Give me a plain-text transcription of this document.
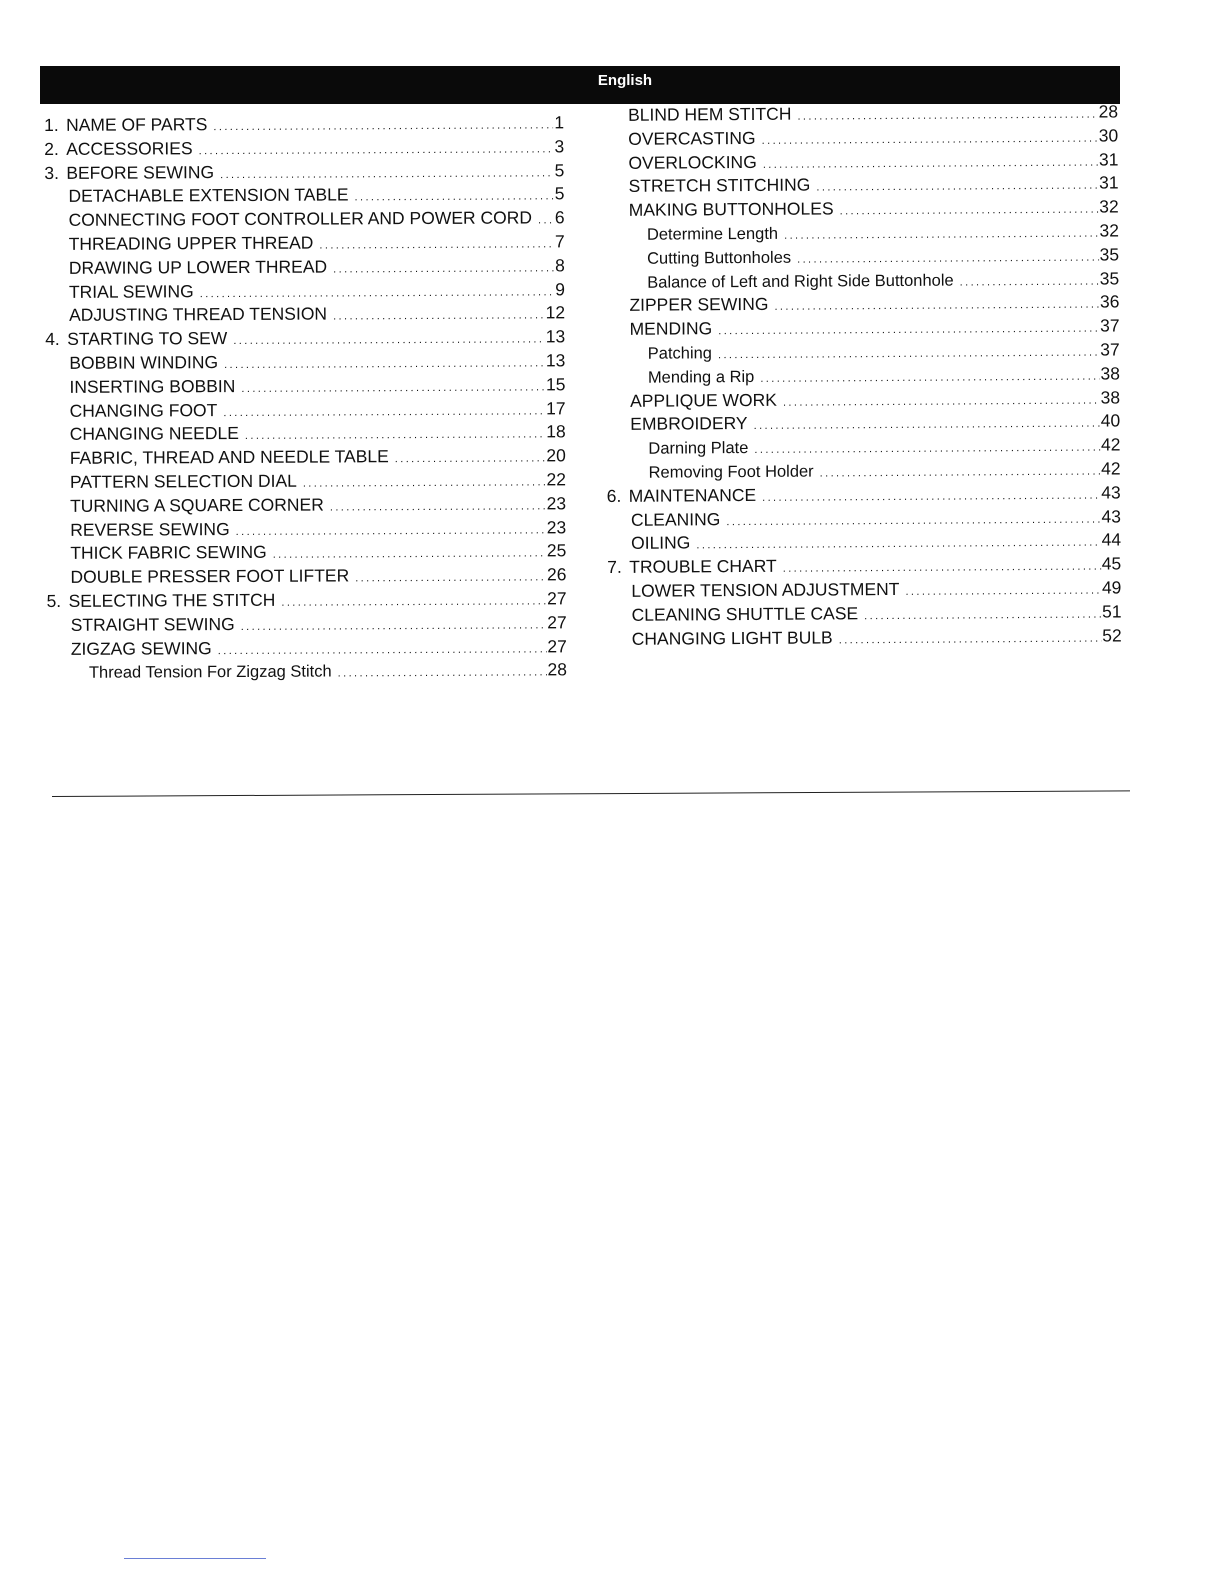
English
1. NAME OF PARTS .....	1
2. ACCESSORIES .....	3
3. BEFORE SEWING .....	5
DETACHABLE EXTENSION TABLE .....	5
CONNECTING FOOT CONTROLLER AND POWER CORD ..... 6
THREADING UPPER THREAD .....	7
DRAWING UP LOWER THREAD .....	8
TRIAL SEWING .....	9
ADJUSTING THREAD TENSION .....	12
4. STARTING TO SEW .....	13
BOBBIN WINDING .....	13
INSERTING BOBBIN .....	15
CHANGING FOOT .....	17
CHANGING NEEDLE .....	18
FABRIC, THREAD AND NEEDLE TABLE .....	20
PATTERN SELECTION DIAL .....	22
TURNING A SQUARE CORNER .....	23
REVERSE SEWING .....	23
THICK FABRIC SEWING .....	25
DOUBLE PRESSER FOOT LIFTER .....	26
5. SELECTING THE STITCH .....	27
STRAIGHT SEWING .....	27
ZIGZAG SEWING .....	27
Thread Tension For Zigzag Stitch .....	28
BLIND HEM STITCH .....	28
OVERCASTING .....	30
OVERLOCKING .....	31
STRETCH STITCHING .....	31
MAKING BUTTONHOLES .....	32
Determine Length .....	32
Cutting Buttonholes .....	35
Balance of Left and Right Side Buttonhole .....	35
ZIPPER SEWING .....	36
MENDING .....	37
Patching .....	37
Mending a Rip .....	38
APPLIQUE WORK .....	38
EMBROIDERY .....	40
Darning Plate .....	42
Removing Foot Holder .....	42
6. MAINTENANCE .....	43
CLEANING .....	43
OILING .....	44
7. TROUBLE CHART .....	45
LOWER TENSION ADJUSTMENT .....	49
CLEANING SHUTTLE CASE .....	51
CHANGING LIGHT BULB .....	52
